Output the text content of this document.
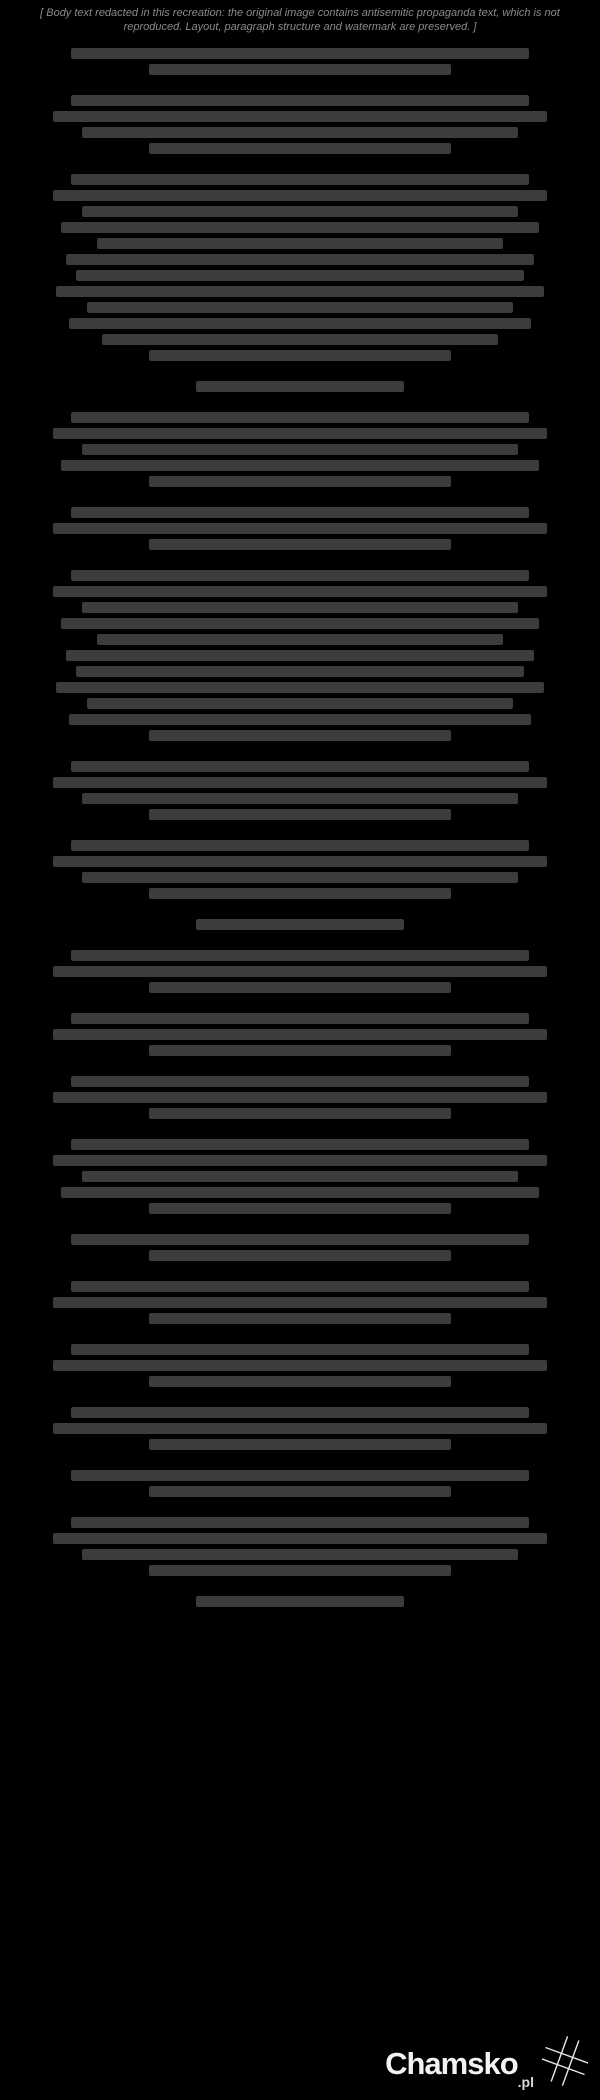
[ Body text redacted in this recreation: the original image contains antisemitic propaganda text, which is not reproduced. Layout, paragraph structure and watermark are preserved. ]
Chamsko
.pl
